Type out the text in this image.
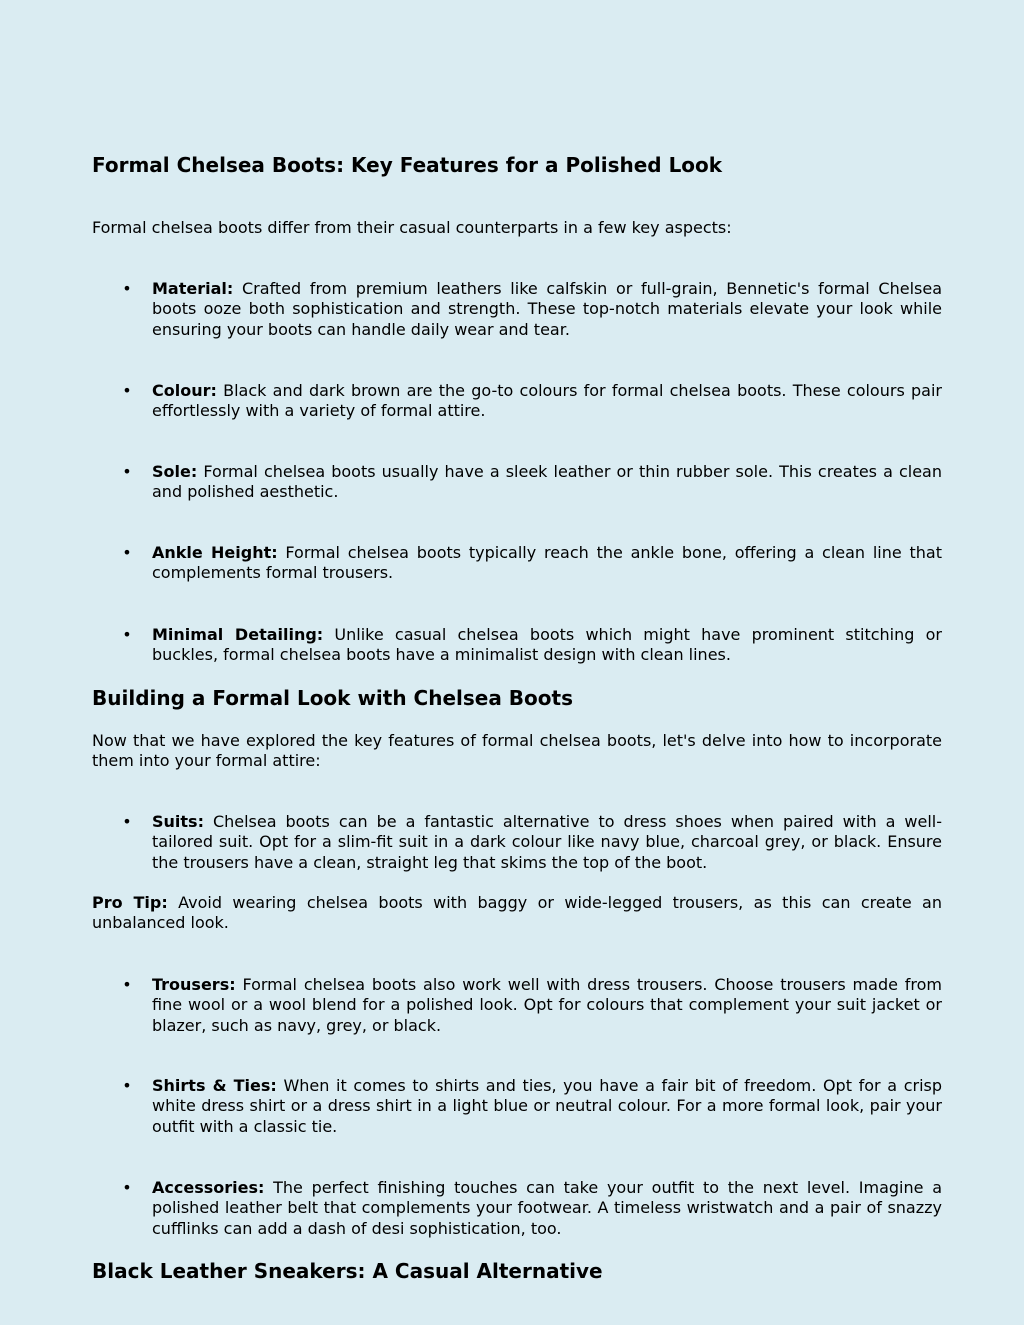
Formal Chelsea Boots: Key Features for a Polished Look

Formal chelsea boots differ from their casual counterparts in a few key aspects:

• Material: Crafted from premium leathers like calfskin or full-grain, Bennetic's formal Chelsea boots ooze both sophistication and strength. These top-notch materials elevate your look while ensuring your boots can handle daily wear and tear.
• Colour: Black and dark brown are the go-to colours for formal chelsea boots. These colours pair effortlessly with a variety of formal attire.
• Sole: Formal chelsea boots usually have a sleek leather or thin rubber sole. This creates a clean and polished aesthetic.
• Ankle Height: Formal chelsea boots typically reach the ankle bone, offering a clean line that complements formal trousers.
• Minimal Detailing: Unlike casual chelsea boots which might have prominent stitching or buckles, formal chelsea boots have a minimalist design with clean lines.
Building a Formal Look with Chelsea Boots

Now that we have explored the key features of formal chelsea boots, let's delve into how to incorporate them into your formal attire:

• Suits: Chelsea boots can be a fantastic alternative to dress shoes when paired with a well-tailored suit. Opt for a slim-fit suit in a dark colour like navy blue, charcoal grey, or black. Ensure the trousers have a clean, straight leg that skims the top of the boot.

Pro Tip: Avoid wearing chelsea boots with baggy or wide-legged trousers, as this can create an unbalanced look.

• Trousers: Formal chelsea boots also work well with dress trousers. Choose trousers made from fine wool or a wool blend for a polished look. Opt for colours that complement your suit jacket or blazer, such as navy, grey, or black.
• Shirts & Ties: When it comes to shirts and ties, you have a fair bit of freedom. Opt for a crisp white dress shirt or a dress shirt in a light blue or neutral colour. For a more formal look, pair your outfit with a classic tie.
• Accessories: The perfect finishing touches can take your outfit to the next level. Imagine a polished leather belt that complements your footwear. A timeless wristwatch and a pair of snazzy cufflinks can add a dash of desi sophistication, too.
Black Leather Sneakers: A Casual Alternative
